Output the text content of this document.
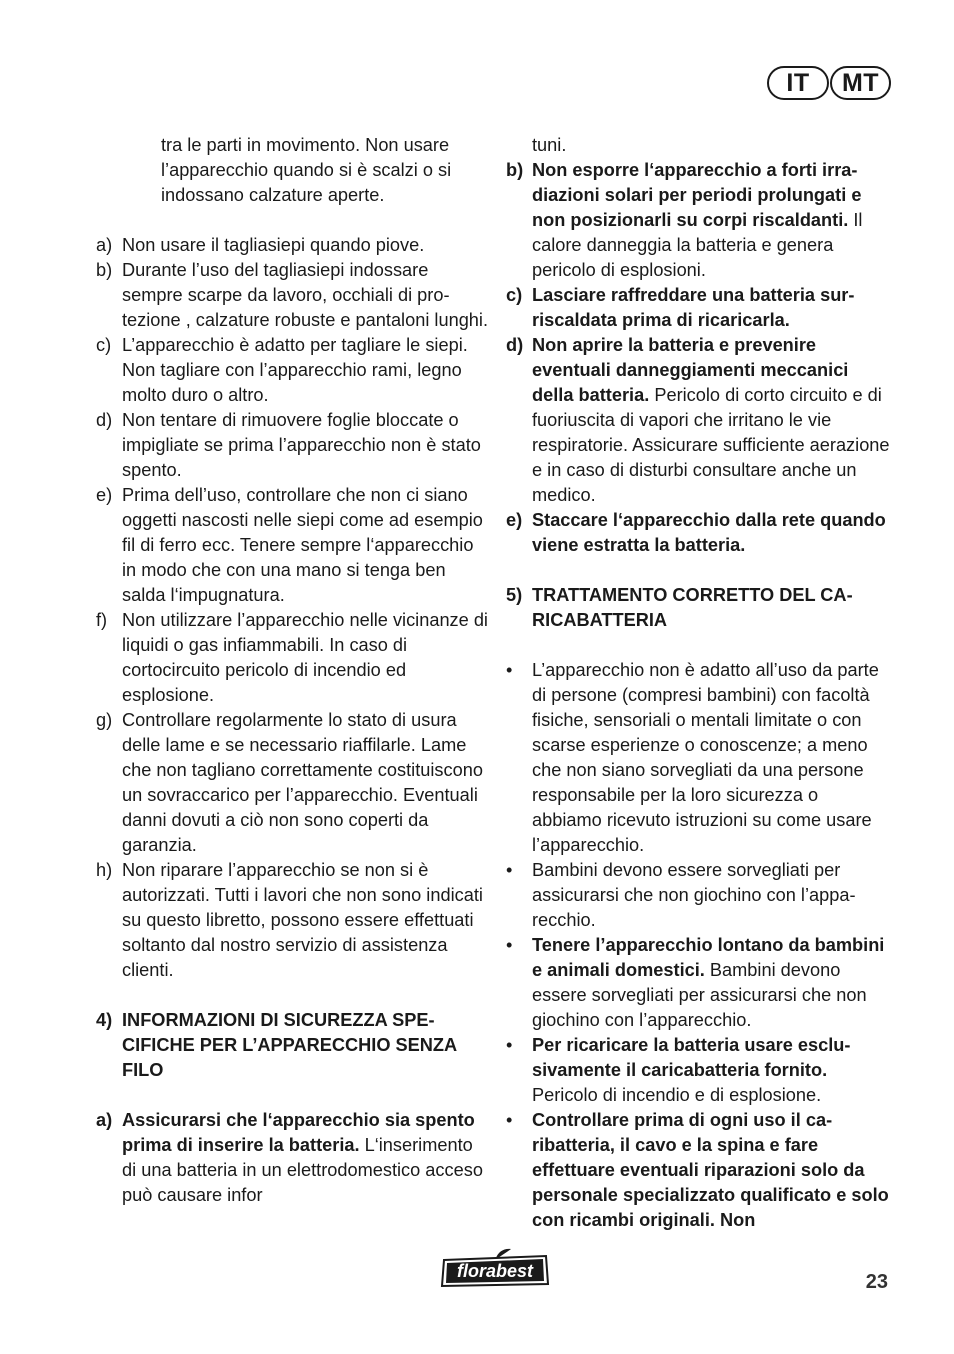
IT	MT
tra le parti in movimento. Non usare l’apparecchio quando si è scalzi o si indossano calzature aperte.
a) Non usare il tagliasiepi quando piove.
b) Durante l’uso del tagliasiepi indossare sempre scarpe da lavoro, occhiali di protezione , calzature robuste e pantaloni lunghi.
c) L’apparecchio è adatto per tagliare le siepi. Non tagliare con l’apparecchio rami, legno molto duro o altro.
d) Non tentare di rimuovere foglie bloccate o impigliate se prima l’apparecchio non è stato spento.
e) Prima dell’uso, controllare che non ci siano oggetti nascosti nelle siepi come ad esempio fil di ferro ecc. Tenere sempre l‘apparecchio in modo che con una mano si tenga ben salda l‘impugnatura.
f) Non utilizzare l’apparecchio nelle vicinanze di liquidi o gas infiammabili. In caso di cortocircuito pericolo di incendio ed esplosione.
g) Controllare regolarmente lo stato di usura delle lame e se necessario riaffilarle. Lame che non tagliano correttamente costituiscono un sovraccarico per l’apparecchio. Eventuali danni dovuti a ciò non sono coperti da garanzia.
h) Non riparare l’apparecchio se non si è autorizzati. Tutti i lavori che non sono indicati su questo libretto, possono essere effettuati soltanto dal nostro servizio di assistenza clienti.
4) INFORMAZIONI DI SICUREZZA SPECIFICHE PER L’APPARECCHIO SENZA FILO
a) Assicurarsi che l‘apparecchio sia spento prima di inserire la batteria. L‘inserimento di una batteria in un elettrodomestico acceso può causare infor
tuni.
b) Non esporre l‘apparecchio a forti irradiazioni solari per periodi prolungati e non posizionarli su corpi riscaldanti. Il calore danneggia la batteria e genera pericolo di esplosioni.
c) Lasciare raffreddare una batteria surriscaldata prima di ricaricarla.
d) Non aprire la batteria e prevenire eventuali danneggiamenti meccanici della batteria. Pericolo di corto circuito e di fuoriuscita di vapori che irritano le vie respiratorie. Assicurare sufficiente aerazione e in caso di disturbi consultare anche un medico.
e) Staccare l‘apparecchio dalla rete quando viene estratta la batteria.
5) TRATTAMENTO CORRETTO DEL CARICABATTERIA
•	L’apparecchio non è adatto all’uso da parte di persone (compresi bambini) con facoltà fisiche, sensoriali o mentali limitate o con scarse esperienze o conoscenze; a meno che non siano sorvegliati da una persone responsabile per la loro sicurezza o abbiamo ricevuto istruzioni su come usare l’apparecchio.
•	Bambini devono essere sorvegliati per assicurarsi che non giochino con l’apparecchio.
•	Tenere l’apparecchio lontano da bambini e animali domestici. Bambini devono essere sorvegliati per assicurarsi che non giochino con l’apparecchio.
•	Per ricaricare la batteria usare esclusivamente il caricabatteria fornito. Pericolo di incendio e di esplosione.
•	Controllare prima di ogni uso il caribatteria, il cavo e la spina e fare effettuare eventuali riparazioni solo da personale specializzato qualificato e solo con ricambi originali. Non
florabest	23
